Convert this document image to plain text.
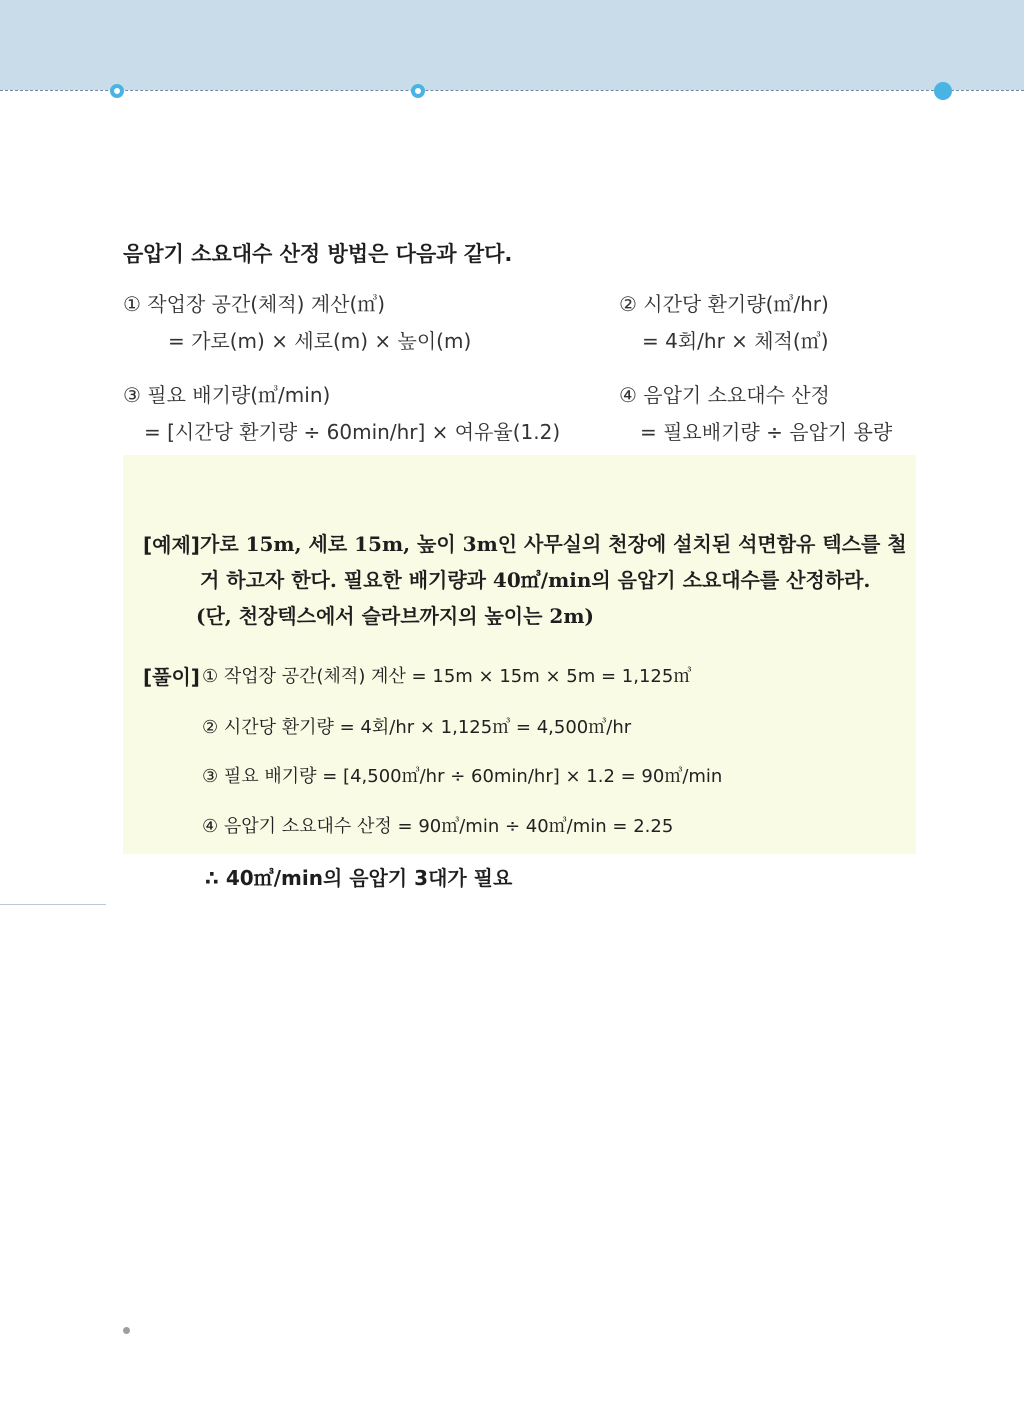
음압기 소요대수 산정 방법은 다음과 같다.
① 작업장 공간(체적) 계산(㎥)
= 가로(m) × 세로(m) × 높이(m)
② 시간당 환기량(㎥/hr)
= 4회/hr × 체적(㎥)
③ 필요 배기량(㎥/min)
= [시간당 환기량 ÷ 60min/hr] × 여유율(1.2)
④ 음압기 소요대수 산정
= 필요배기량 ÷ 음압기 용량
[예제] 가로 15m, 세로 15m, 높이 3m인 사무실의 천장에 설치된 석면함유 텍스를 철
거 하고자 한다. 필요한 배기량과 40㎥/min의 음압기 소요대수를 산정하라.
(단, 천장텍스에서 슬라브까지의 높이는 2m)
[풀이] ① 작업장 공간(체적) 계산 = 15m × 15m × 5m = 1,125㎥
② 시간당 환기량 = 4회/hr × 1,125㎥ = 4,500㎥/hr
③ 필요 배기량 = [4,500㎥/hr ÷ 60min/hr] × 1.2 = 90㎥/min
④ 음압기 소요대수 산정 = 90㎥/min ÷ 40㎥/min = 2.25
∴ 40㎥/min의 음압기 3대가 필요
